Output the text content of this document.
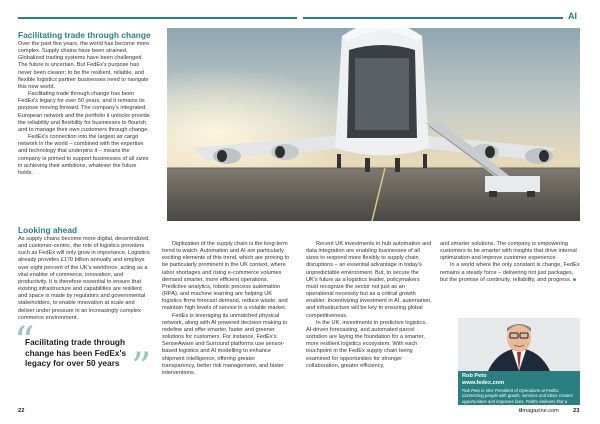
AI
Facilitating trade through change

Over the past five years, the world has become more complex. Supply chains have been strained. Globalized trading systems have been challenged. The future is uncertain. But FedEx's purpose has never been clearer; to be the resilient, reliable, and flexible logistics partner businesses need to navigate this new world.

Facilitating trade through change has been FedEx's legacy for over 50 years, and it remains its purpose moving forward. The company's integrated European network and the portfolio it unlocks provide the reliability and flexibility for businesses to flourish and to manage their own customers through change.

FedEx's connection into the largest air cargo network in the world – combined with the expertise and technology that underpins it – means the company is primed to support businesses of all sizes in achieving their ambitions, whatever the future holds.

Looking ahead

As supply chains become more digital, decentralized, and customer-centric, the role of logistics providers such as FedEx will only grow in importance. Logistics already provides £170 billion annually and employs over eight percent of the UK's workforce, acting as a vital enabler of commerce, innovation, and productivity. It is therefore essential to ensure that existing infrastructure and capabilities are resilient and space is made by regulators and governmental stakeholders, to enable innovation at scale and deliver under pressure in an increasingly complex commerce environment.

Digitization of the supply chain is the long-term trend to watch. Automation and AI are particularly exciting elements of this trend, which are proving to be particularly prominent in the UK context, where labor shortages and rising e-commerce volumes demand smarter, more efficient operations. Predictive analytics, robotic process automation (RPA), and machine learning are helping UK logistics firms forecast demand, reduce waste, and maintain high levels of service in a volatile market.

FedEx is leveraging its unmatched physical network, along with AI powered decision making to redefine and offer smarter, faster and greener solutions for customers. For instance, FedEx's SenseAware and Surround platforms use sensor-based logistics and AI modelling to enhance shipment intelligence, offering greater transparency, better risk management, and faster interventions.

Recent UK investments in hub automation and data integration are enabling businesses of all sizes to respond more flexibly to supply chain disruptions – an essential advantage in today's unpredictable environment. But, to secure the UK's future as a logistics leader, policymakers must recognize the sector not just as an operational necessity but as a critical growth enabler. Incentivizing investment in AI, automation, and infrastructure will be key to ensuring global competitiveness.

In the UK, investments in predictive logistics, AI-driven forecasting, and automated parcel sortation are laying the foundation for a smarter, more resilient logistics ecosystem. With each touchpoint in the FedEx supply chain being examined for opportunities for stronger collaboration, greater efficiency,

and smarter solutions. The company is empowering customers to be smarter with insights that drive internal optimization and improve customer experience.

In a world where the only constant is change, FedEx remains a steady force – delivering not just packages, but the promise of continuity, reliability, and progress. ■

“
Facilitating trade through change has been FedEx's legacy for over 50 years ”	Rob Peto
www.fedex.com
Rob Peto is Vice President of Operations at FedEx. Connecting people with goods, services and ideas creates opportunities and improves lives. FedEx believes that a connected world is a better world, and that belief guides everything the company does.
22	tlmagazine.com 23
